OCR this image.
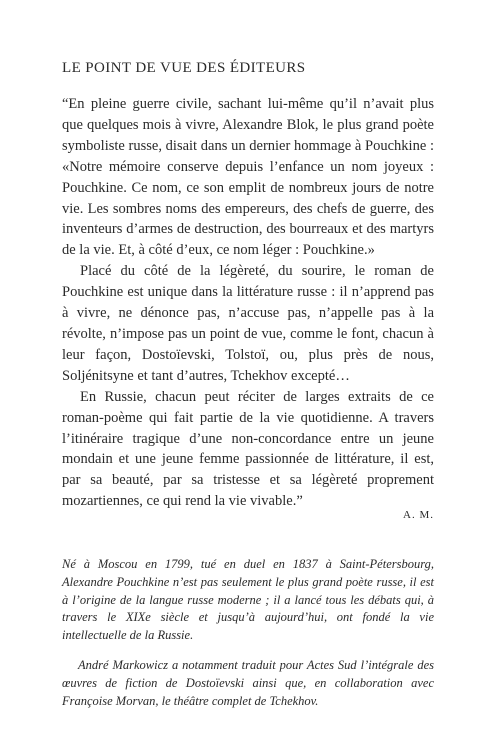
LE POINT DE VUE DES ÉDITEURS

“En pleine guerre civile, sachant lui-même qu’il n’avait plus que quelques mois à vivre, Alexandre Blok, le plus grand poète symboliste russe, disait dans un dernier hommage à Pouchkine : «Notre mémoire conserve depuis l’enfance un nom joyeux : Pouchkine. Ce nom, ce son emplit de nombreux jours de notre vie. Les sombres noms des empereurs, des chefs de guerre, des inventeurs d’armes de destruction, des bourreaux et des martyrs de la vie. Et, à côté d’eux, ce nom léger : Pouchkine.»

Placé du côté de la légèreté, du sourire, le roman de Pouchkine est unique dans la littérature russe : il n’apprend pas à vivre, ne dénonce pas, n’accuse pas, n’appelle pas à la révolte, n’impose pas un point de vue, comme le font, chacun à leur façon, Dostoïevski, Tolstoï, ou, plus près de nous, Soljénitsyne et tant d’autres, Tchekhov excepté…

En Russie, chacun peut réciter de larges extraits de ce roman-poème qui fait partie de la vie quotidienne. A travers l’itinéraire tragique d’une non-concordance entre un jeune mondain et une jeune femme passionnée de littérature, il est, par sa beauté, par sa tristesse et sa légèreté proprement mozartiennes, ce qui rend la vie vivable.”

A. M.

Né à Moscou en 1799, tué en duel en 1837 à Saint-Pétersbourg, Alexandre Pouchkine n’est pas seulement le plus grand poète russe, il est à l’origine de la langue russe moderne ; il a lancé tous les débats qui, à travers le XIXe siècle et jusqu’à aujourd’hui, ont fondé la vie intellectuelle de la Russie.

André Markowicz a notamment traduit pour Actes Sud l’intégrale des œuvres de fiction de Dostoïevski ainsi que, en collaboration avec Françoise Morvan, le théâtre complet de Tchekhov.
